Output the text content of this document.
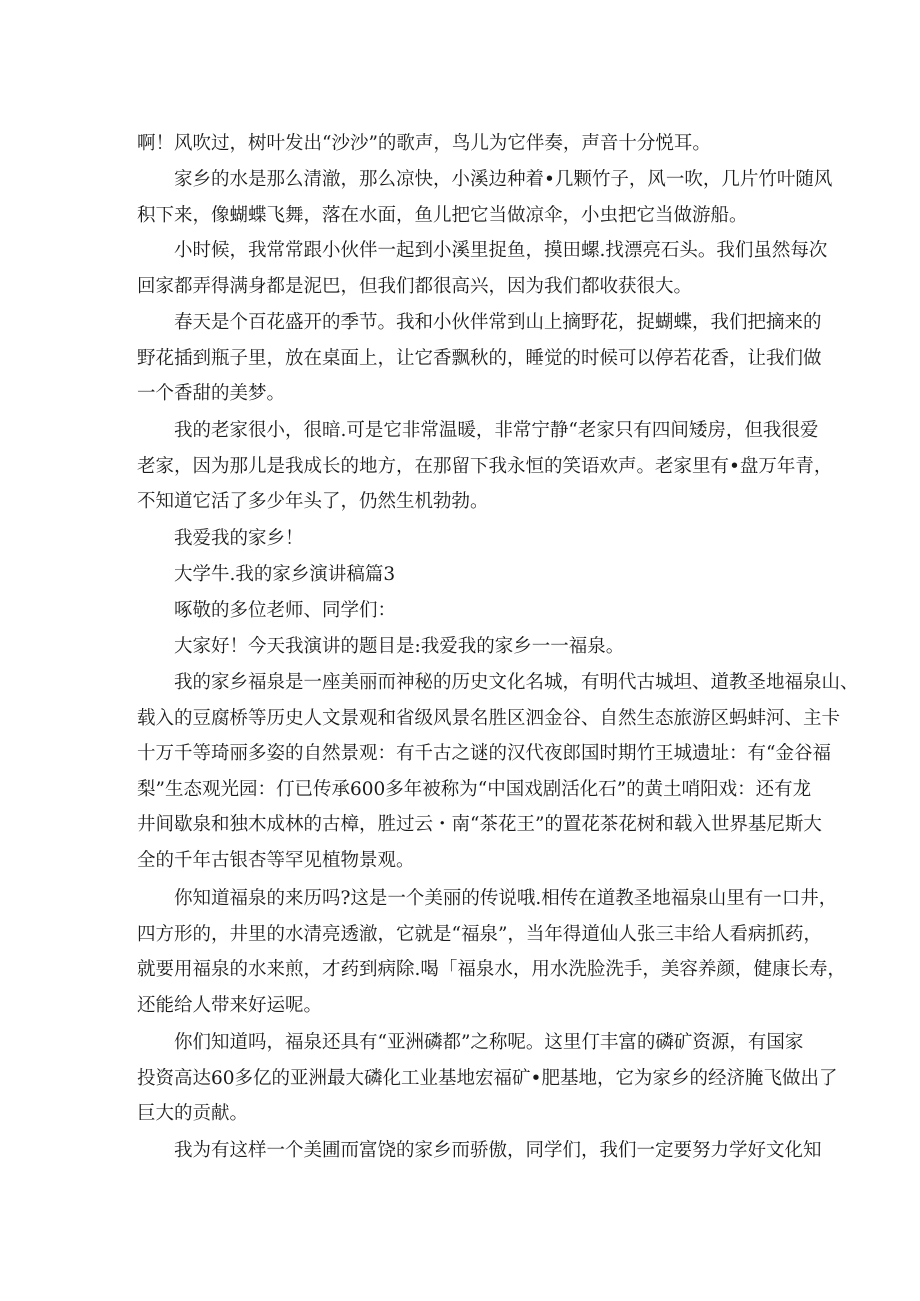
啊！风吹过，树叶发出“沙沙”的歌声，鸟儿为它伴奏，声音十分悦耳。
家乡的水是那么清澈，那么凉快，小溪边种着•几颗竹子，风一吹，几片竹叶随风
积下来，像蝴蝶飞舞，落在水面，鱼儿把它当做凉伞，小虫把它当做游船。
小时候，我常常跟小伙伴一起到小溪里捉鱼，摸田螺.找漂亮石头。我们虽然每次
回家都弄得满身都是泥巴，但我们都很高兴，因为我们都收获很大。
春天是个百花盛开的季节。我和小伙伴常到山上摘野花，捉蝴蝶，我们把摘来的
野花插到瓶子里，放在桌面上，让它香飘秋的，睡觉的时候可以停若花香，让我们做
一个香甜的美梦。
我的老家很小，很暗.可是它非常温暖，非常宁静“老家只有四间矮房，但我很爱
老家，因为那儿是我成长的地方，在那留下我永恒的笑语欢声。老家里有•盘万年青，
不知道它活了多少年头了，仍然生机勃勃。
我爱我的家乡！
大学牛.我的家乡演讲稿篇3
啄敬的多位老师、同学们：
大家好！今天我演讲的题目是:我爱我的家乡一一福泉。
我的家乡福泉是一座美丽而神秘的历史文化名城，有明代古城坦、道教圣地福泉山、
载入的豆腐桥等历史人文景观和省级风景名胜区泗金谷、自然生态旅游区蚂蚌河、主卡
十万千等琦丽多姿的自然景观：有千古之谜的汉代夜郎国时期竹王城遗址：有“金谷福
梨”生态观光园：仃已传承600多年被称为“中国戏剧活化石”的黄土哨阳戏：还有龙
井间歇泉和独木成林的古樟，胜过云・南“茶花王”的置花茶花树和载入世界基尼斯大
全的千年古银杏等罕见植物景观。
你知道福泉的来历吗?这是一个美丽的传说哦.相传在道教圣地福泉山里有一口井，
四方形的，井里的水清亮透澈，它就是“福泉”，当年得道仙人张三丰给人看病抓药，
就要用福泉的水来煎，才药到病除.喝「福泉水，用水洗脸洗手，美容养颜，健康长寿，
还能给人带来好运呢。
你们知道吗，福泉还具有“亚洲磷都”之称呢。这里仃丰富的磷矿资源，有国家
投资高达60多亿的亚洲最大磷化工业基地宏福矿•肥基地，它为家乡的经济腌飞做出了
巨大的贡献。
我为有这样一个美圃而富饶的家乡而骄傲，同学们，我们一定要努力学好文化知
